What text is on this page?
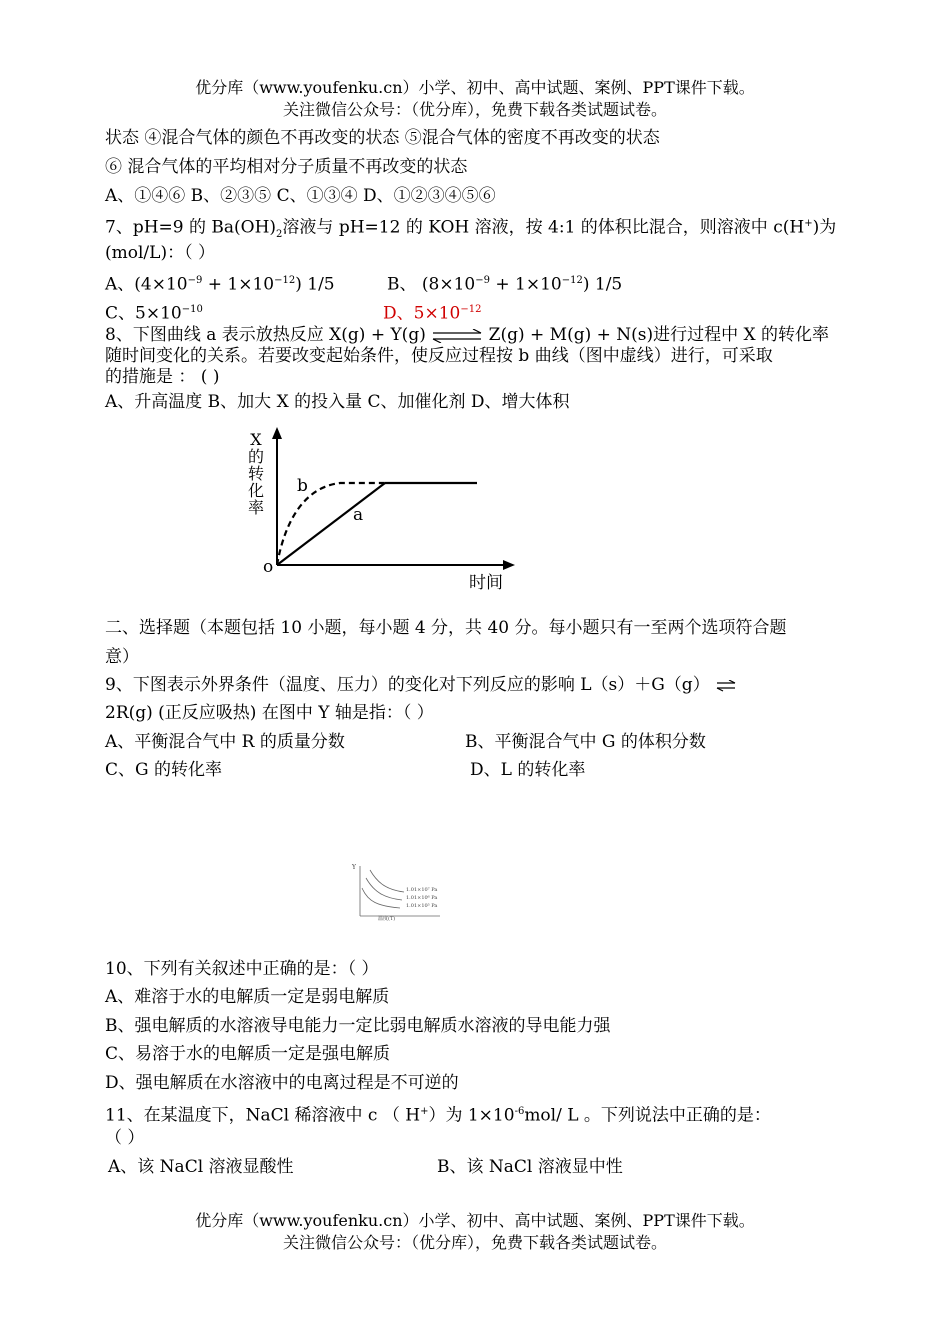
优分库（www.youfenku.cn）小学、初中、高中试题、案例、PPT课件下载。
关注微信公众号：（优分库），免费下载各类试题试卷。
状态 ④混合气体的颜色不再改变的状态 ⑤混合气体的密度不再改变的状态
⑥ 混合气体的平均相对分子质量不再改变的状态
A、①④⑥ B、②③⑤ C、①③④ D、①②③④⑤⑥
7、pH=9 的 $Ba(OH)_2$溶液与 pH=12 的 KOH 溶液，按 4:1 的体积比混合，则溶液中 c(H+)为
(mol/L)：（ ）
A、$(4\times 10^{-9} + 1\times 10^{-12})$ 1/5	B、 $(8\times 10^{-9} + 1\times 10^{-12})$ 1/5
C、$5\times 10^{-10}$	D、$5\times 10^{-12}$
8、下图曲线 a 表示放热反应 X(g) + Y(g) ⇌ Z(g) + M(g) + N(s)进行过程中 X 的转化率
随时间变化的关系。若要改变起始条件，使反应过程按 b 曲线（图中虚线）进行，可采取
的措施是 ： ( )
A、升高温度 B、加大 X 的投入量 C、加催化剂 D、增大体积
X
的
转
化
率
b
a
o
时间
二、选择题（本题包括 10 小题，每小题 4 分，共 40 分。每小题只有一至两个选项符合题
意）
9、下图表示外界条件（温度、压力）的变化对下列反应的影响 L（s）＋G（g）
2R(g) (正反应吸热) 在图中 Y 轴是指：（ ）
A、平衡混合气中 R 的质量分数	B、平衡混合气中 G 的体积分数
C、G 的转化率	D、L 的转化率
Y
1.01×10⁷ Pa
1.01×10⁶ Pa
1.01×10⁵ Pa
温度(T)
10、下列有关叙述中正确的是：（ ）
A、难溶于水的电解质一定是弱电解质
B、强电解质的水溶液导电能力一定比弱电解质水溶液的导电能力强
C、易溶于水的电解质一定是强电解质
D、强电解质在水溶液中的电离过程是不可逆的
11、在某温度下，NaCl 稀溶液中 c （ H+）为 $1\times 10^{-6}mol/$ L 。下列说法中正确的是：
（ ）
A、该 NaCl 溶液显酸性	B、该 NaCl 溶液显中性
优分库（www.youfenku.cn）小学、初中、高中试题、案例、PPT课件下载。
关注微信公众号：（优分库），免费下载各类试题试卷。
